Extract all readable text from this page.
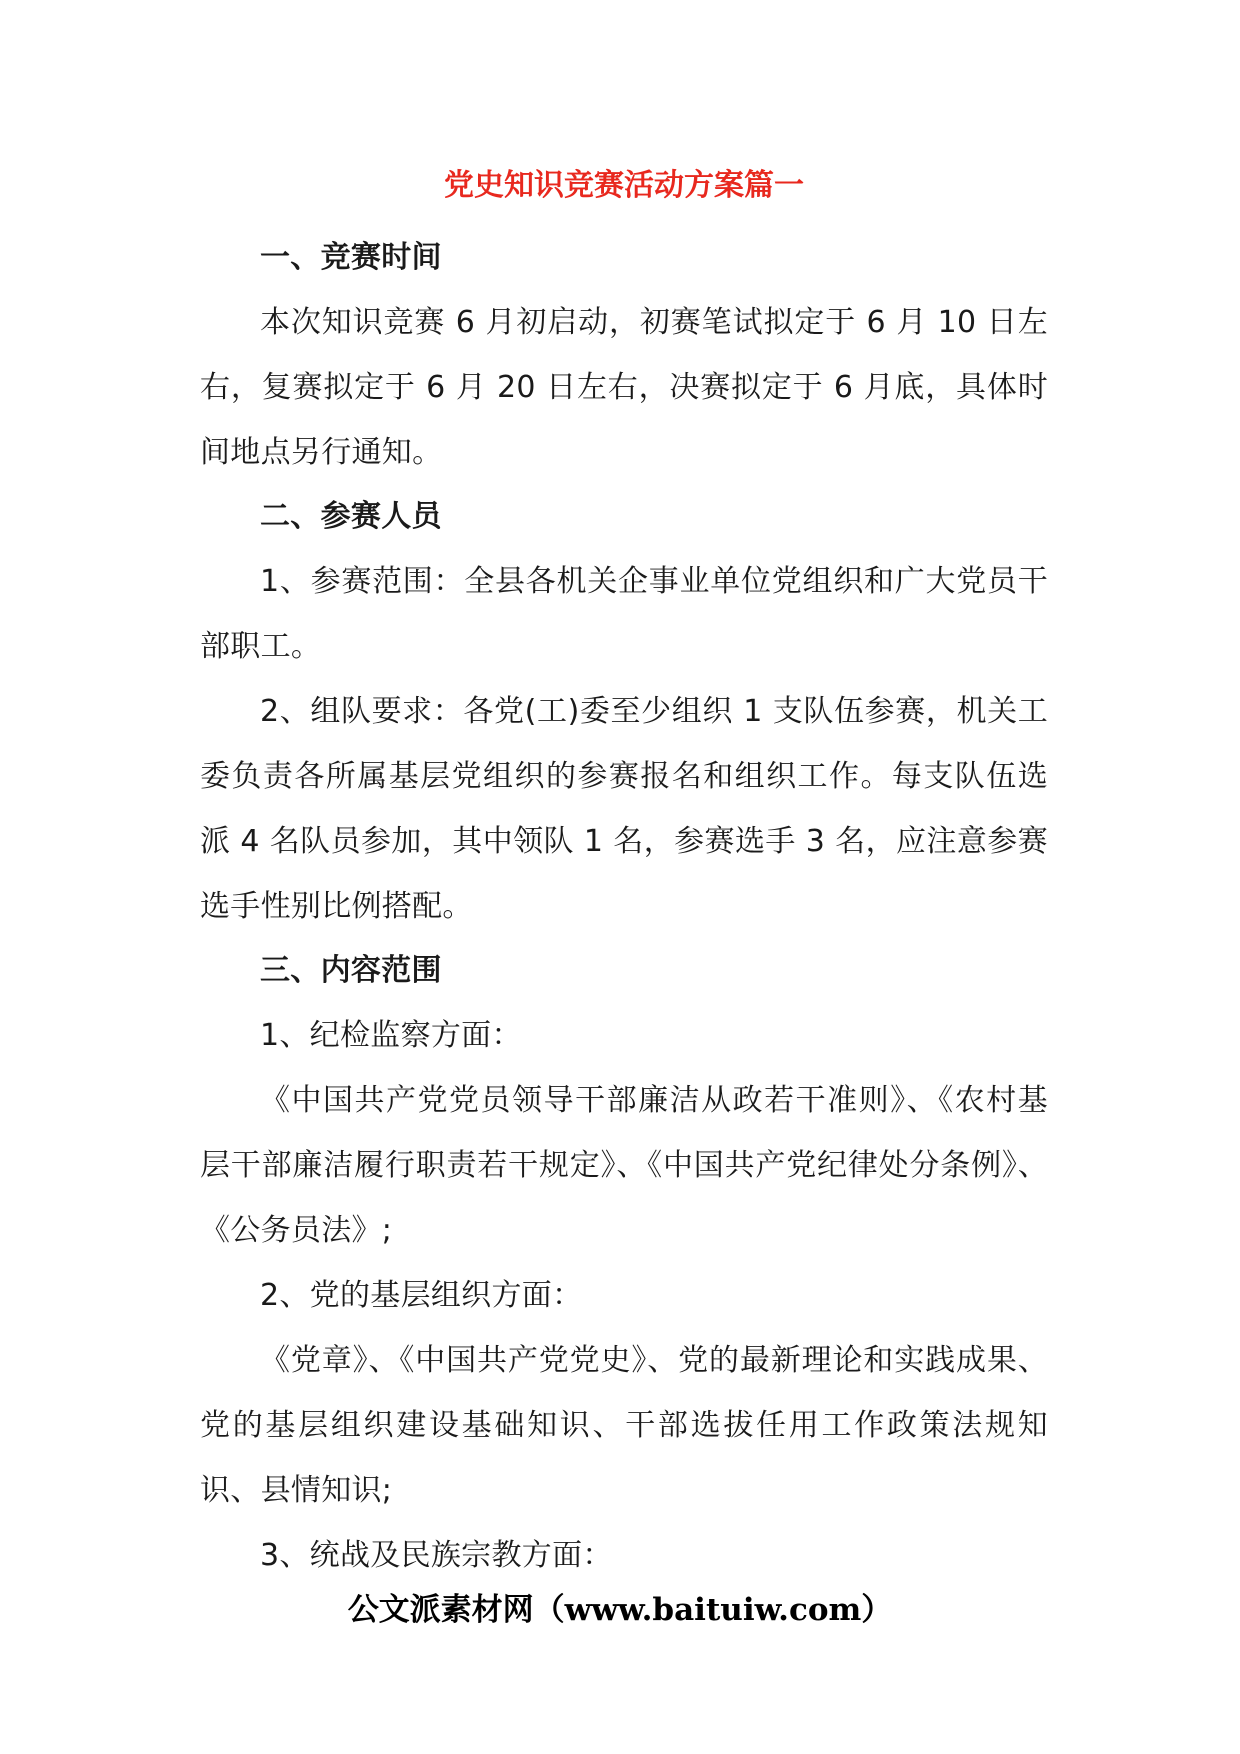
党史知识竞赛活动方案篇一

一、竞赛时间

本次知识竞赛 6 月初启动，初赛笔试拟定于 6 月 10 日左右，复赛拟定于 6 月 20 日左右，决赛拟定于 6 月底，具体时间地点另行通知。

二、参赛人员

1、参赛范围：全县各机关企事业单位党组织和广大党员干部职工。

2、组队要求：各党(工)委至少组织 1 支队伍参赛，机关工委负责各所属基层党组织的参赛报名和组织工作。每支队伍选派 4 名队员参加，其中领队 1 名，参赛选手 3 名，应注意参赛选手性别比例搭配。

三、内容范围

1、纪检监察方面：

《中国共产党党员领导干部廉洁从政若干准则》、《农村基层干部廉洁履行职责若干规定》、《中国共产党纪律处分条例》、《公务员法》;

2、党的基层组织方面：

《党章》、《中国共产党党史》、党的最新理论和实践成果、党的基层组织建设基础知识、干部选拔任用工作政策法规知识、县情知识;

3、统战及民族宗教方面：

公文派素材网（www.baituiw.com）
